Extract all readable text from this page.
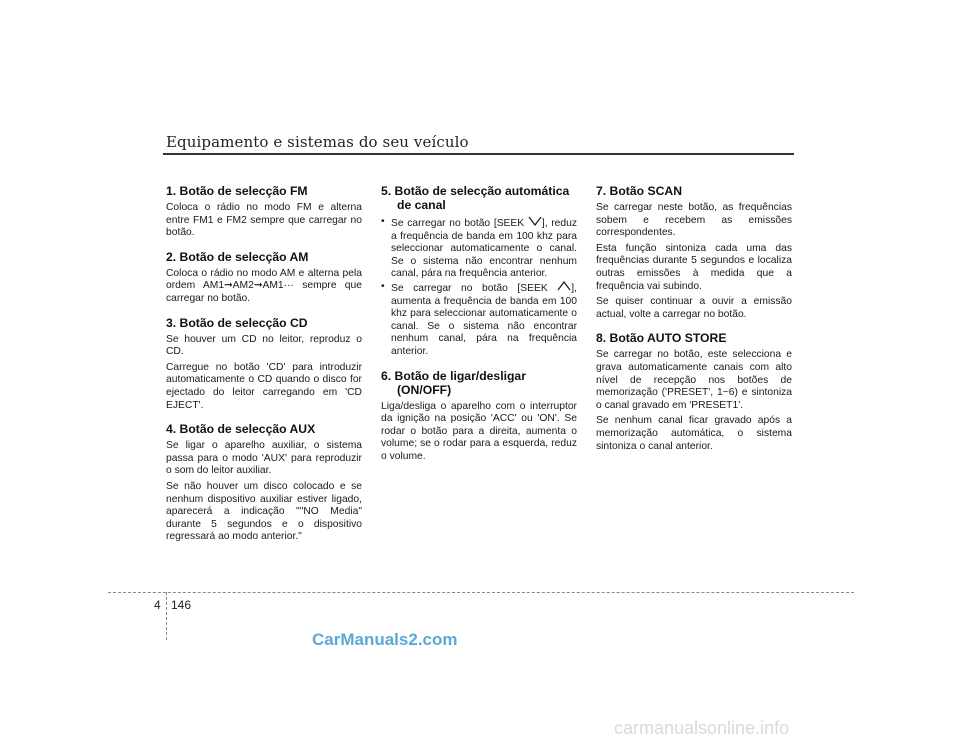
Equipamento e sistemas do seu veículo
1. Botão de selecção FM

Coloca o rádio no modo FM e alterna entre FM1 e FM2 sempre que carregar no botão.

2. Botão de selecção AM

Coloca o rádio no modo AM e alterna pela ordem AM1➞AM2➞AM1··· sempre que carregar no botão.

3. Botão de selecção CD

Se houver um CD no leitor, reproduz o CD.

Carregue no botão 'CD' para introduzir automaticamente o CD quando o disco for ejectado do leitor carregando em 'CD EJECT'.

4. Botão de selecção AUX

Se ligar o aparelho auxiliar, o sistema passa para o modo 'AUX' para reproduzir o som do leitor auxiliar.

Se não houver um disco colocado e se nenhum dispositivo auxiliar estiver ligado, aparecerá a indicação ""NO Media" durante 5 segundos e o dispositivo regressará ao modo anterior."

5. Botão de selecção automática
de canal
• Se carregar no botão [SEEK ], reduz a frequência de banda em 100 khz para seleccionar automaticamente o canal. Se o sistema não encontrar nenhum canal, pára na frequência anterior.
• Se carregar no botão [SEEK ], aumenta a frequência de banda em 100 khz para seleccionar automaticamente o canal. Se o sistema não encontrar nenhum canal, pára na frequência anterior.
6. Botão de ligar/desligar
(ON/OFF)

Liga/desliga o aparelho com o interruptor da ignição na posição 'ACC' ou 'ON'. Se rodar o botão para a direita, aumenta o volume; se o rodar para a esquerda, reduz o volume.

7. Botão SCAN

Se carregar neste botão, as frequências sobem e recebem as emissões correspondentes.

Esta função sintoniza cada uma das frequências durante 5 segundos e localiza outras emissões à medida que a frequência vai subindo.

Se quiser continuar a ouvir a emissão actual, volte a carregar no botão.

8. Botão AUTO STORE

Se carregar no botão, este selecciona e grava automaticamente canais com alto nível de recepção nos botões de memorização ('PRESET', 1~6) e sintoniza o canal gravado em 'PRESET1'.

Se nenhum canal ficar gravado após a memorização automática, o sistema sintoniza o canal anterior.

4 146
CarManuals2.com
carmanualsonline.info
